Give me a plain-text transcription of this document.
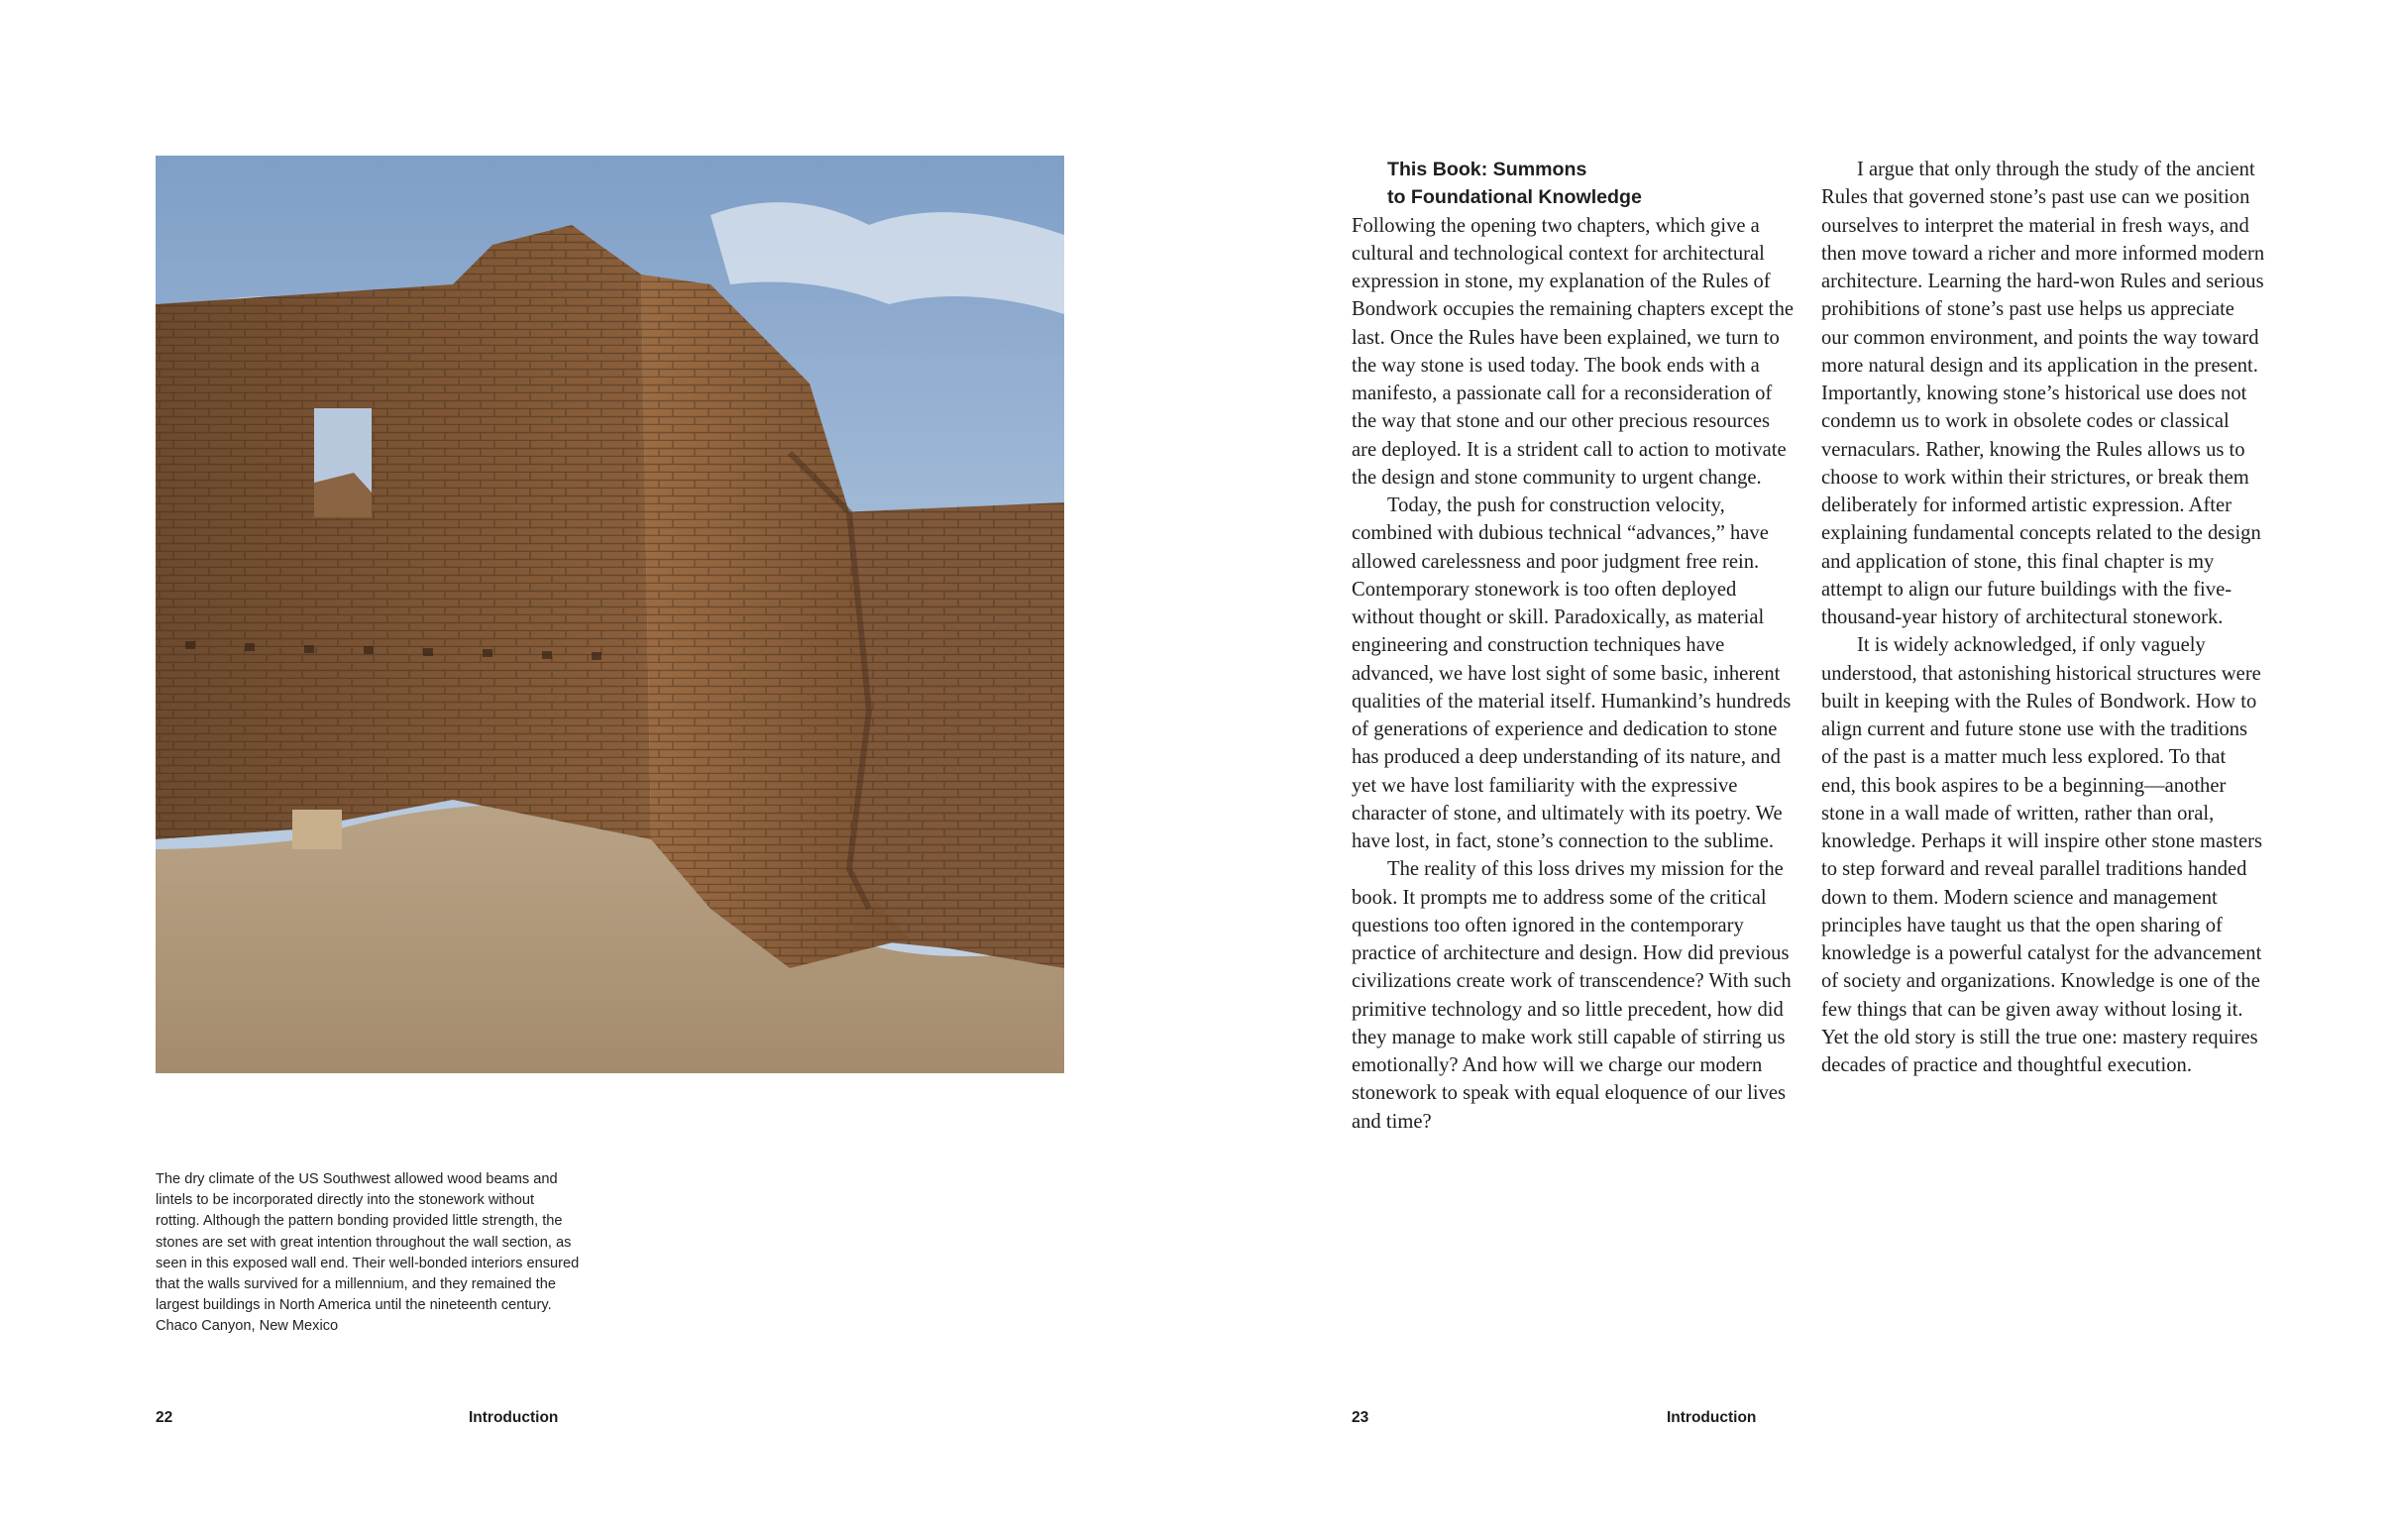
The dry climate of the US Southwest allowed wood beams and lintels to be incorporated directly into the stonework without rotting. Although the pattern bonding provided little strength, the stones are set with great intention throughout the wall section, as seen in this exposed wall end. Their well-bonded interiors ensured that the walls survived for a millennium, and they remained the largest buildings in North America until the nineteenth century. Chaco Canyon, New Mexico

22	Introduction
This Book: Summons
to Foundational Knowledge

Following the opening two chapters, which give a cultural and technological context for architectural expression in stone, my explanation of the Rules of Bondwork occupies the remaining chapters except the last. Once the Rules have been explained, we turn to the way stone is used today. The book ends with a manifesto, a passionate call for a reconsideration of the way that stone and our other precious resources are deployed. It is a strident call to action to motivate the design and stone community to urgent change.

Today, the push for construction velocity, combined with dubious technical “advances,” have allowed carelessness and poor judgment free rein. Contemporary stonework is too often deployed without thought or skill. Paradoxically, as material engineering and construction techniques have advanced, we have lost sight of some basic, inherent qualities of the material itself. Humankind’s hundreds of generations of experience and dedication to stone has produced a deep understanding of its nature, and yet we have lost familiarity with the expressive character of stone, and ultimately with its poetry. We have lost, in fact, stone’s connection to the sublime.

The reality of this loss drives my mission for the book. It prompts me to address some of the critical questions too often ignored in the contemporary practice of architecture and design. How did previous civilizations create work of transcendence? With such primitive technology and so little precedent, how did they manage to make work still capable of stirring us emotionally? And how will we charge our modern stonework to speak with equal eloquence of our lives and time?

I argue that only through the study of the ancient Rules that governed stone’s past use can we position ourselves to interpret the material in fresh ways, and then move toward a richer and more informed modern architecture. Learning the hard-won Rules and serious prohibitions of stone’s past use helps us appreciate our common environment, and points the way toward more natural design and its application in the present. Importantly, knowing stone’s historical use does not condemn us to work in obsolete codes or classical vernaculars. Rather, knowing the Rules allows us to choose to work within their strictures, or break them deliberately for informed artistic expression. After explaining fundamental concepts related to the design and application of stone, this final chapter is my attempt to align our future buildings with the five-thousand-year history of architectural stonework.

It is widely acknowledged, if only vaguely understood, that astonishing historical structures were built in keeping with the Rules of Bondwork. How to align current and future stone use with the traditions of the past is a matter much less explored. To that end, this book aspires to be a beginning—another stone in a wall made of written, rather than oral, knowledge. Perhaps it will inspire other stone masters to step forward and reveal parallel traditions handed down to them. Modern science and management principles have taught us that the open sharing of knowledge is a powerful catalyst for the advancement of society and organizations. Knowledge is one of the few things that can be given away without losing it. Yet the old story is still the true one: mastery requires decades of practice and thoughtful execution.

23	Introduction
